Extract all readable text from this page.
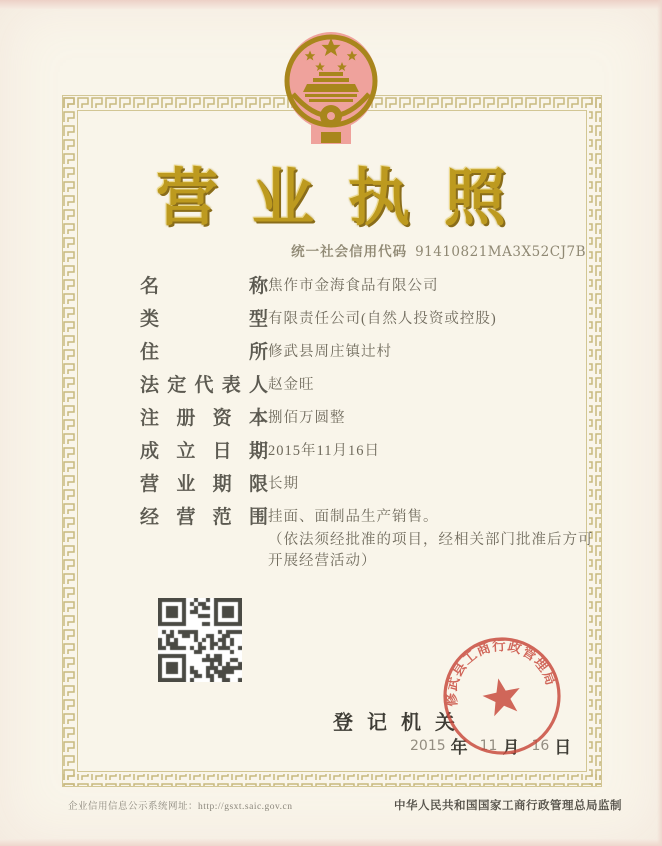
营业执照
统一社会信用代码 91410821MA3X52CJ7B
名	称 焦作市金海食品有限公司
类	型 有限责任公司(自然人投资或控股)
住	所 修武县周庄镇辻村
法 定 代 表 人 赵金旺
注 册 资 本 捌佰万圆整
成 立 日 期 2015年11月16日
营 业 期 限 长期
经 营 范 围 挂面、面制品生产销售。
（依法须经批准的项目，经相关部门批准后方可开展经营活动）
登记机关
2015 年 11 月 16 日
修武县工商行政管理局
企业信用信息公示系统网址：http://gsxt.saic.gov.cn	中华人民共和国国家工商行政管理总局监制
